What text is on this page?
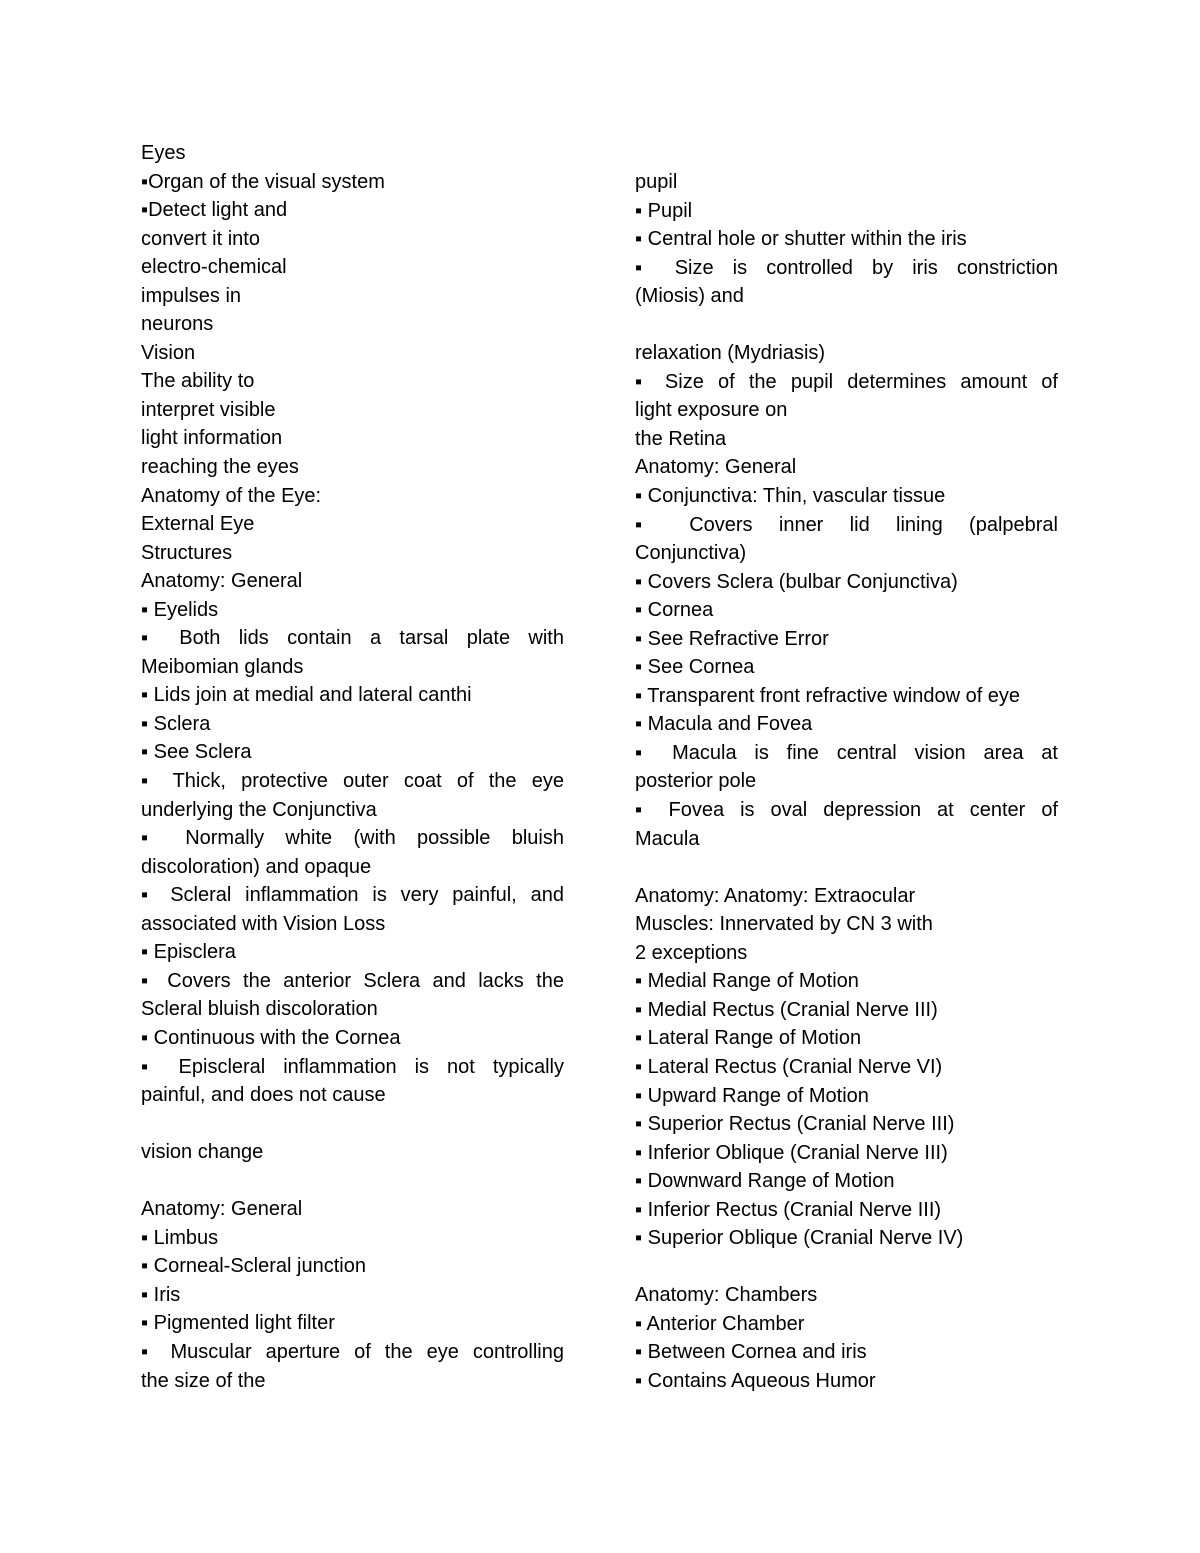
Eyes
▪Organ of the visual system
▪Detect light and
convert it into
electro-chemical
impulses in
neurons
Vision
The ability to
interpret visible
light information
reaching the eyes
Anatomy of the Eye:
External Eye
Structures
Anatomy: General
▪ Eyelids
▪ Both lids contain a tarsal plate with
Meibomian glands
▪ Lids join at medial and lateral canthi
▪ Sclera
▪ See Sclera
▪ Thick, protective outer coat of the eye
underlying the Conjunctiva
▪ Normally white (with possible bluish
discoloration) and opaque
▪ Scleral inflammation is very painful, and
associated with Vision Loss
▪ Episclera
▪ Covers the anterior Sclera and lacks the
Scleral bluish discoloration
▪ Continuous with the Cornea
▪ Episcleral inflammation is not typically
painful, and does not cause
vision change
Anatomy: General
▪ Limbus
▪ Corneal-Scleral junction
▪ Iris
▪ Pigmented light filter
▪ Muscular aperture of the eye controlling
the size of the
pupil
▪ Pupil
▪ Central hole or shutter within the iris
▪ Size is controlled by iris constriction
(Miosis) and
relaxation (Mydriasis)
▪ Size of the pupil determines amount of
light exposure on
the Retina
Anatomy: General
▪ Conjunctiva: Thin, vascular tissue
▪ Covers inner lid lining (palpebral
Conjunctiva)
▪ Covers Sclera (bulbar Conjunctiva)
▪ Cornea
▪ See Refractive Error
▪ See Cornea
▪ Transparent front refractive window of eye
▪ Macula and Fovea
▪ Macula is fine central vision area at
posterior pole
▪ Fovea is oval depression at center of
Macula
Anatomy: Anatomy: Extraocular
Muscles: Innervated by CN 3 with
2 exceptions
▪ Medial Range of Motion
▪ Medial Rectus (Cranial Nerve III)
▪ Lateral Range of Motion
▪ Lateral Rectus (Cranial Nerve VI)
▪ Upward Range of Motion
▪ Superior Rectus (Cranial Nerve III)
▪ Inferior Oblique (Cranial Nerve III)
▪ Downward Range of Motion
▪ Inferior Rectus (Cranial Nerve III)
▪ Superior Oblique (Cranial Nerve IV)
Anatomy: Chambers
▪ Anterior Chamber
▪ Between Cornea and iris
▪ Contains Aqueous Humor
